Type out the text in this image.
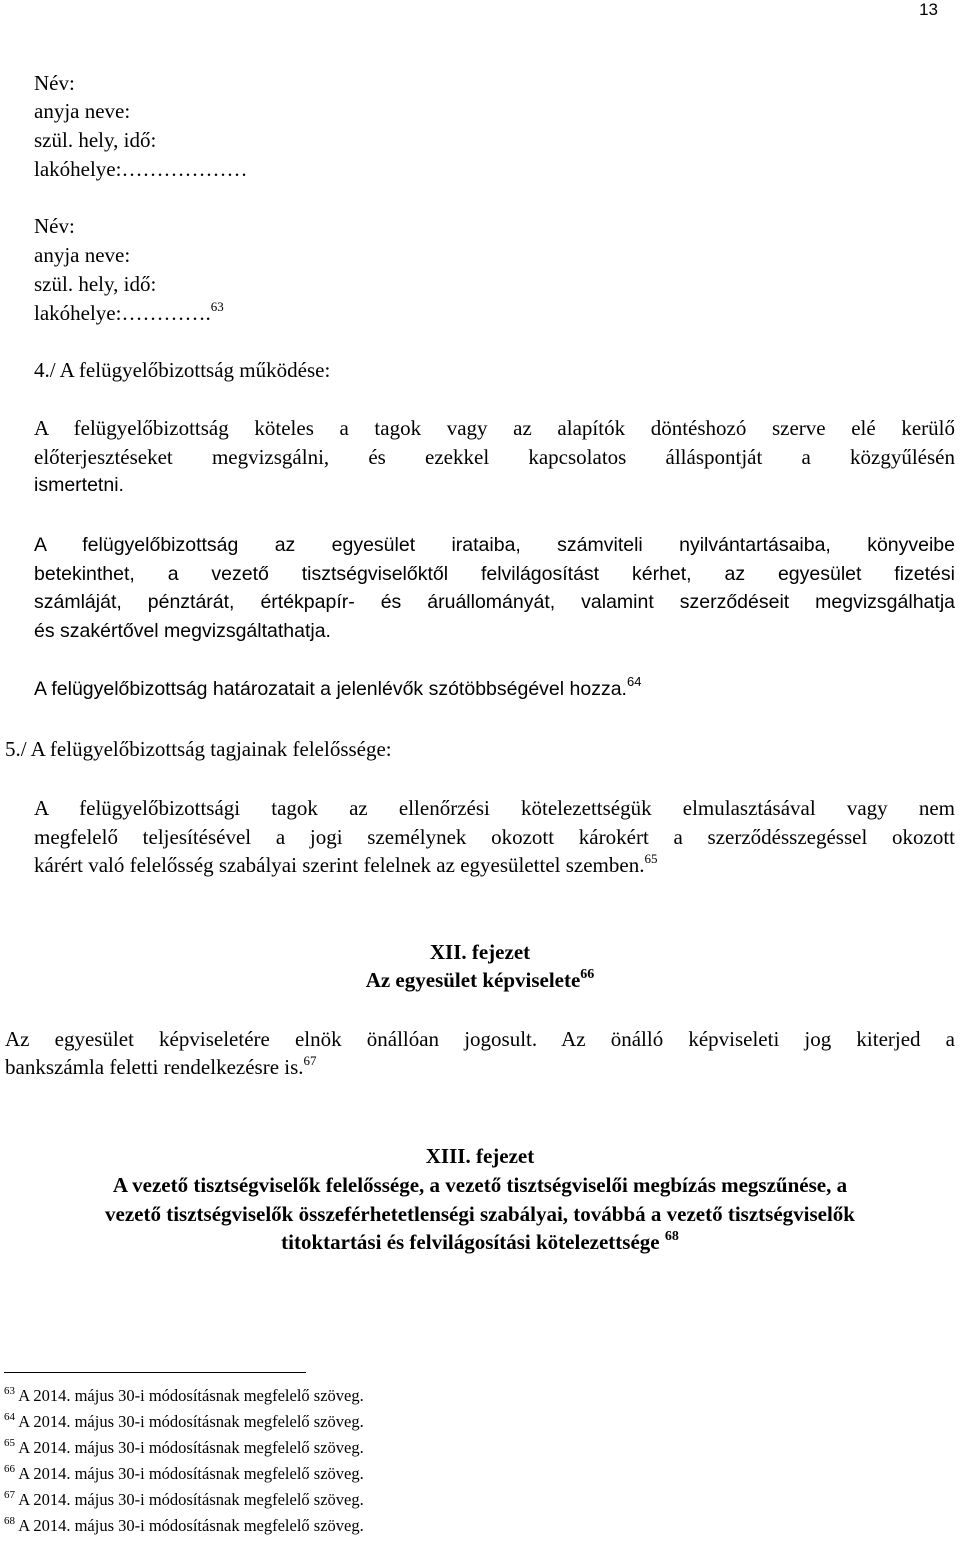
13
Név:
anyja neve:
szül. hely, idő:
lakóhelye:………………
Név:
anyja neve:
szül. hely, idő:
lakóhelye:………….$^{63}$
4./ A felügyelőbizottság működése:
A felügyelőbizottság köteles a tagok vagy az alapítók döntéshozó szerve elé kerülő
előterjesztéseket megvizsgálni, és ezekkel kapcsolatos álláspontját a közgyűlésén
ismertetni.
A felügyelőbizottság az egyesület irataiba, számviteli nyilvántartásaiba, könyveibe
betekinthet, a vezető tisztségviselőktől felvilágosítást kérhet, az egyesület fizetési
számláját, pénztárát, értékpapír- és áruállományát, valamint szerződéseit megvizsgálhatja
és szakértővel megvizsgáltathatja.
A felügyelőbizottság határozatait a jelenlévők szótöbbségével hozza.$^{64}$
5./ A felügyelőbizottság tagjainak felelőssége:
A felügyelőbizottsági tagok az ellenőrzési kötelezettségük elmulasztásával vagy nem
megfelelő teljesítésével a jogi személynek okozott károkért a szerződésszegéssel okozott
kárért való felelősség szabályai szerint felelnek az egyesülettel szemben.$^{65}$
XII. fejezet
Az egyesület képviselete$^{66}$
Az egyesület képviseletére elnök önállóan jogosult. Az önálló képviseleti jog kiterjed a
bankszámla feletti rendelkezésre is.$^{67}$
XIII. fejezet
A vezető tisztségviselők felelőssége, a vezető tisztségviselői megbízás megszűnése, a
vezető tisztségviselők összeférhetetlenségi szabályai, továbbá a vezető tisztségviselők
titoktartási és felvilágosítási kötelezettsége $^{68}$
$^{63}$ A 2014. május 30-i módosításnak megfelelő szöveg.
$^{64}$ A 2014. május 30-i módosításnak megfelelő szöveg.
$^{65}$ A 2014. május 30-i módosításnak megfelelő szöveg.
$^{66}$ A 2014. május 30-i módosításnak megfelelő szöveg.
$^{67}$ A 2014. május 30-i módosításnak megfelelő szöveg.
$^{68}$ A 2014. május 30-i módosításnak megfelelő szöveg.
